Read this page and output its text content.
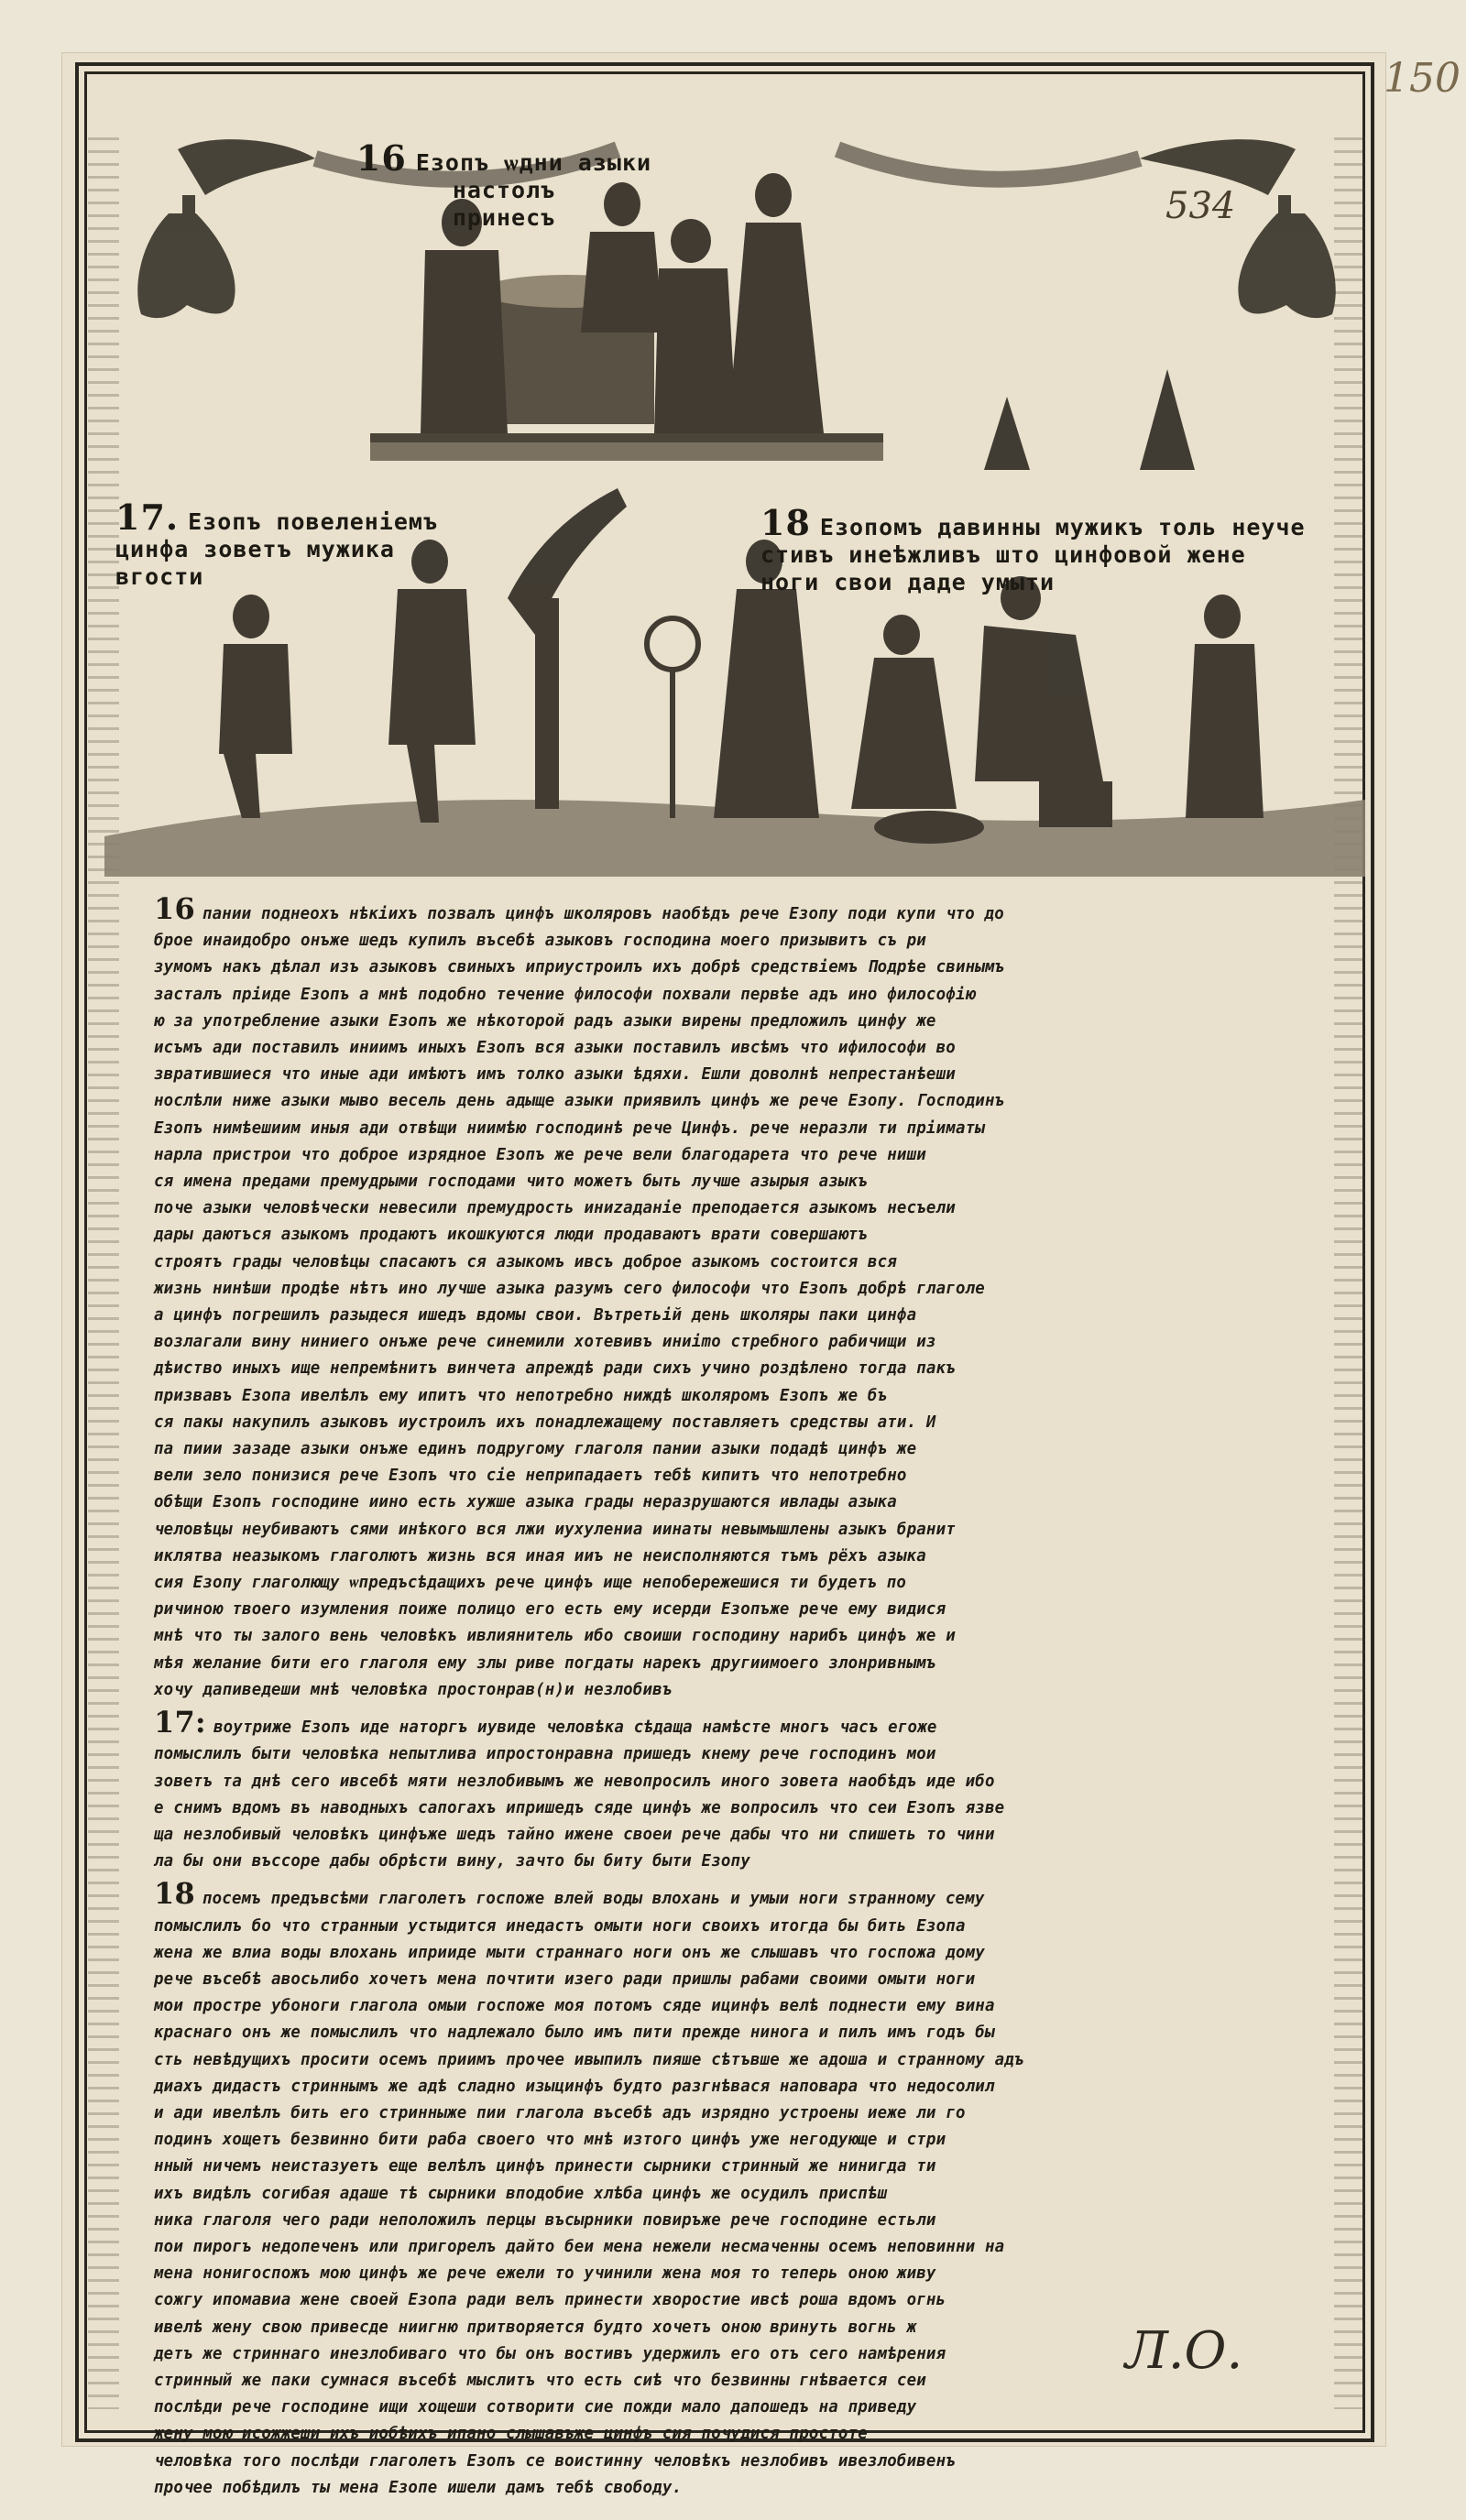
150
534

16 Езопъ ѡдни азыки настолъ
принесъ

17. Езопъ повеленiемъ
цинфа зоветъ мужика
вгости

18 Езопомъ давинны мужикъ толь неуче
стивъ инеѣжливъ што цинфовой жене
ноги свои даде умыти

16 пании поднеохъ нѣкiихъ позвалъ цинфъ школяровъ наобѣдъ рече Езопу поди купи что до
брое инаидобро онъже шедъ купилъ въсебѣ азыковъ господина моего призывитъ съ ри
зумомъ накъ дѣлал изъ азыковъ свиныхъ иприустроилъ ихъ добрѣ средствiемъ Подрѣе свинымъ
засталъ прiиде Езопъ а мнѣ подобно течение философи похвали первѣе адъ ино философiю
ю за употребление азыки Езопъ же нѣкоторой радъ азыки вирены предложилъ цинфу же
исъмъ ади поставилъ иниимъ иныхъ Езопъ вся азыки поставилъ ивсѣмъ что ифилософи во
звратившиеся что иные ади имѣютъ имъ толко азыки ѣдяхи. Ешли доволнѣ непрестанѣеши
нослѣли ниже азыки мыво весель день адыще азыки приявилъ цинфъ же рече Езопу. Господинъ
Езопъ нимѣешиим иныя ади отвѣщи ниимѣю господинѣ рече Цинфъ. рече неразли ти прiиматы
нарла пристрои что доброе изрядное Езопъ же рече вели благодарета что рече ниши
ся имена предами премудрыми господами чито можетъ быть лучше азырыя азыкъ
поче азыки человѣчески невесили премудрость иниzаданiе преподается азыкомъ несъели
дары даютъся азыкомъ продаютъ икошкуются люди продаваютъ врати совершаютъ
строятъ грады человѣцы спасаютъ ся азыкомъ ивсъ доброе азыкомъ состоится вся
жизнь нинѣши продѣе нѣтъ ино лучше азыка разумъ сего философи что Езопъ добрѣ глаголе
а цинфъ погрешилъ разыдеся ишедъ вдомы свои. Вътретьiй день школяры паки цинфа
возлагали вину ниниего онъже рече синемили хотевивъ иниimo стребного рабичищи из
дѣиство иныхъ ище непремѣнитъ винчета апреждѣ ради сихъ учино роздѣлено тогда пакъ
призвавъ Езопа ивелѣлъ ему ипитъ что непотребно ниждѣ школяромъ Езопъ же бъ
ся пакы накупилъ азыковъ иустроилъ ихъ понадлежащему поставляетъ средствы ати. И
па пиии зазаде азыки онъже единъ подругому глаголя пании азыки подадѣ цинфъ же
вели зело понизися рече Езопъ что сiе неприпадаетъ тебѣ кипитъ что непотребно
обѣщи Езопъ господине иино есть хужше азыка грады неразрушаются ивлады азыка
человѣцы неубиваютъ сями инѣкого вся лжи иухулениа иинаты невымышлены азыкъ бранит
иклятва неазыкомъ глаголютъ жизнь вся иная ииъ не неисполняются тъмъ рёхъ азыка
сия Езопу глаголющу ѡпредъсѣдащихъ рече цинфъ ище непобережешися ти будетъ по
ричиною твоего изумления поиже полицо его есть ему исерди Езопъже рече ему видися
мнѣ что ты залого вень человѣкъ ивлиянитель ибо своиши господину нарибъ цинфъ же и
мѣя желание бити его глаголя ему злы риве погдаты нарекъ другиимоего злонривнымъ
хочу дапиведеши мнѣ человѣка простонрав(н)и незлобивъ

17: воутриже Езопъ иде наторгъ иувиде человѣка сѣдаща намѣсте многъ часъ егоже
помыслилъ быти человѣка непытлива ипростонравна пришедъ кнему рече господинъ мои
зоветъ та днѣ сего ивсебѣ мяти незлобивымъ же невопросилъ иного зовета наобѣдъ иде ибо
е снимъ вдомъ въ наводныхъ сапогахъ ипришедъ сяде цинфъ же вопросилъ что сеи Езопъ язве
ща незлобивый человѣкъ цинфъже шедъ тайно ижене своеи рече дабы что ни спишеть то чини
ла бы они въссоре дабы обрѣсти вину, зачто бы биту быти Езопу

18 посемъ предъвсѣми глаголетъ госпоже влей воды влохань и умыи ноги ѕтранному сему
помыслилъ бо что странныи устыдится инедастъ омыти ноги своихъ итогда бы бить Езопа
жена же влиа воды влохань иприиде мыти страннаго ноги онъ же слышавъ что госпожа дому
рече въсебѣ авосьлибо хочетъ мена почтити изего ради пришлы рабами своими омыти ноги
мои простре убоноги глагола омыи госпоже моя потомъ сяде ицинфъ велѣ поднести ему вина
краснаго онъ же помыслилъ что надлежало было имъ пити прежде нинога и пилъ имъ годъ бы
сть невѣдущихъ просити осемъ приимъ прочее ивыпилъ пияше сѣтъвше же адоша и странному адъ
диахъ дидастъ стриннымъ же адѣ сладно изыцинфъ будто разгнѣвася наповара что недосолил
и ади ивелѣлъ бить его стринныже пии глагола въсебѣ адъ изрядно устроены иеже ли го
подинъ хощетъ безвинно бити раба своего что мнѣ изтого цинфъ уже негодующе и стри
нный ничемъ неистазуетъ еще велѣлъ цинфъ принести сырники стринный же нинигда ти
ихъ видѣлъ согибая адаше тѣ сырники вподобие хлѣба цинфъ же осудилъ приспѣш
ника глаголя чего ради неположилъ перцы въсырники повиръже рече господине естьли
пои пирогъ недопеченъ или пригорелъ дайто беи мена нежели несмаченны осемъ неповинни на
мена нонигоспожъ мою цинфъ же рече ежели то учинили жена моя то теперь оною живу
сожгу ипомавиа жене своей Езопа ради велъ принести хворостие ивсѣ роша вдомъ огнь
ивелѣ жену свою привесде ниигню притворяется будто хочетъ оною вринуть вогнь ж
детъ же стриннаго инезлобиваго что бы онъ востивъ удержилъ его отъ сего намѣрения
стринный же паки сумнася въсебѣ мыслитъ что есть сиѣ что безвинны гнѣвается сеи
послѣди рече господине ищи хощеши сотворити сие пожди мало дапошедъ на приведу
жену мою исожжеши ихъ иобѣихъ ипано слышавъже цинфъ сия почудися простоте
человѣка того послѣди глаголетъ Езопъ се воистинну человѣкъ незлобивъ ивезлобивенъ
прочее побѣдилъ ты мена Езопе ишели дамъ тебѣ свободу.

Л.О.
